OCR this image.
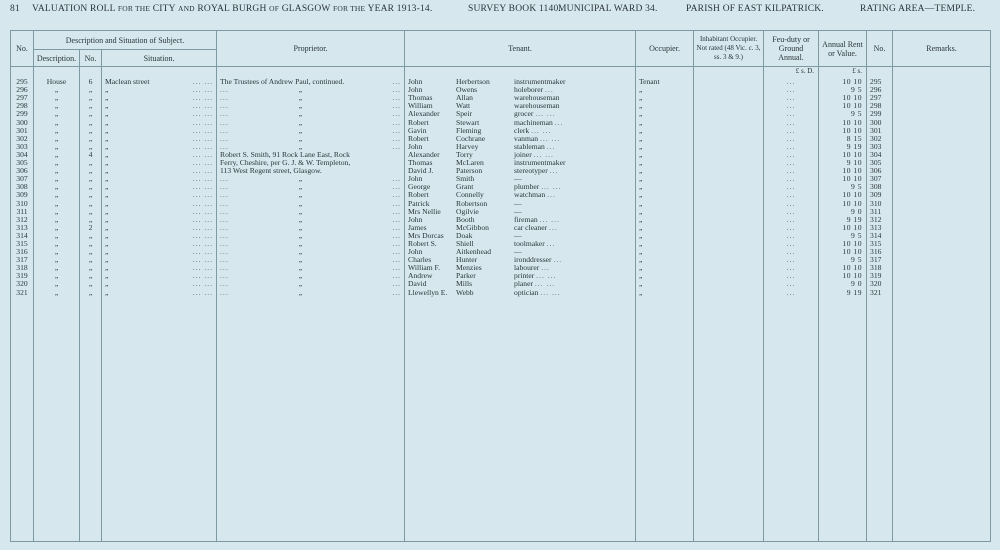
81 VALUATION ROLL FOR THE CITY AND ROYAL BURGH OF GLASGOW FOR THE YEAR 1913-14.	SURVEY BOOK 1140.
MUNICIPAL WARD 34.	PARISH OF EAST KILPATRICK.	RATING AREA—TEMPLE.
No.	Description and Situation of Subject.			Proprietor.	Tenant.	Occupier.	Inhabitant Occupier. Not rated (48 Vic. c. 3, ss. 3 & 9.)	Feu-duty or Ground Annual.	Annual Rent or Value.	No.	Remarks.
	Description.	No.	Situation.								
								£ s. D.	£ s.		
295	House	6	Maclean street ... ...	The Trustees of Andrew Paul, continued. ...	John Herbertson instrumentmaker	Tenant		...	10 10	295	
296	„	„	„ ... ...	... „ ...	John Owens holeborer ...	„		...	9 5	296	
297	„	„	„ ... ...	... „ ...	Thomas Allan warehouseman	„		...	10 10	297	
298	„	„	„ ... ...	... „ ...	William Watt warehouseman	„		...	10 10	298	
299	„	„	„ ... ...	... „ ...	Alexander Speir grocer ... ...	„		...	9 5	299	
300	„	„	„ ... ...	... „ ...	Robert Stewart machineman ...	„		...	10 10	300	
301	„	„	„ ... ...	... „ ...	Gavin Fleming clerk ... ...	„		...	10 10	301	
302	„	„	„ ... ...	... „ ...	Robert Cochrane vanman ... ...	„		...	8 15	302	
303	„	„	„ ... ...	... „ ...	John Harvey stableman ...	„		...	9 19	303	
304	„	4	„ ... ...	Robert S. Smith, 91 Rock Lane East, Rock	Alexander Torry joiner ... ...	„		...	10 10	304	
305	„	„	„ ... ...	Ferry, Cheshire, per G. J. & W. Templeton,	Thomas McLaren instrumentmaker	„		...	9 10	305	
306	„	„	„ ... ...	113 West Regent street, Glasgow.	David J. Paterson stereotyper ...	„		...	10 10	306	
307	„	„	„ ... ...	... „ ...	John Smith —	„		...	10 10	307	
308	„	„	„ ... ...	... „ ...	George Grant plumber ... ...	„		...	9 5	308	
309	„	„	„ ... ...	... „ ...	Robert Connelly watchman ...	„		...	10 10	309	
310	„	„	„ ... ...	... „ ...	Patrick Robertson —	„		...	10 10	310	
311	„	„	„ ... ...	... „ ...	Mrs Nellie Ogilvie —	„		...	9 0	311	
312	„	„	„ ... ...	... „ ...	John Booth fireman ... ...	„		...	9 19	312	
313	„	2	„ ... ...	... „ ...	James McGibbon car cleaner ...	„		...	10 10	313	
314	„	„	„ ... ...	... „ ...	Mrs Dorcas Doak —	„		...	9 5	314	
315	„	„	„ ... ...	... „ ...	Robert S. Shiell toolmaker ...	„		...	10 10	315	
316	„	„	„ ... ...	... „ ...	John Aitkenhead —	„		...	10 10	316	
317	„	„	„ ... ...	... „ ...	Charles Hunter ironddresser ...	„		...	9 5	317	
318	„	„	„ ... ...	... „ ...	William F. Menzies labourer ...	„		...	10 10	318	
319	„	„	„ ... ...	... „ ...	Andrew Parker printer ... ...	„		...	10 10	319	
320	„	„	„ ... ...	... „ ...	David Mills planer ... ...	„		...	9 0	320	
321	„	„	„ ... ...	... „ ...	Llewellyn E. Webb optician ... ...	„		...	9 19	321	
